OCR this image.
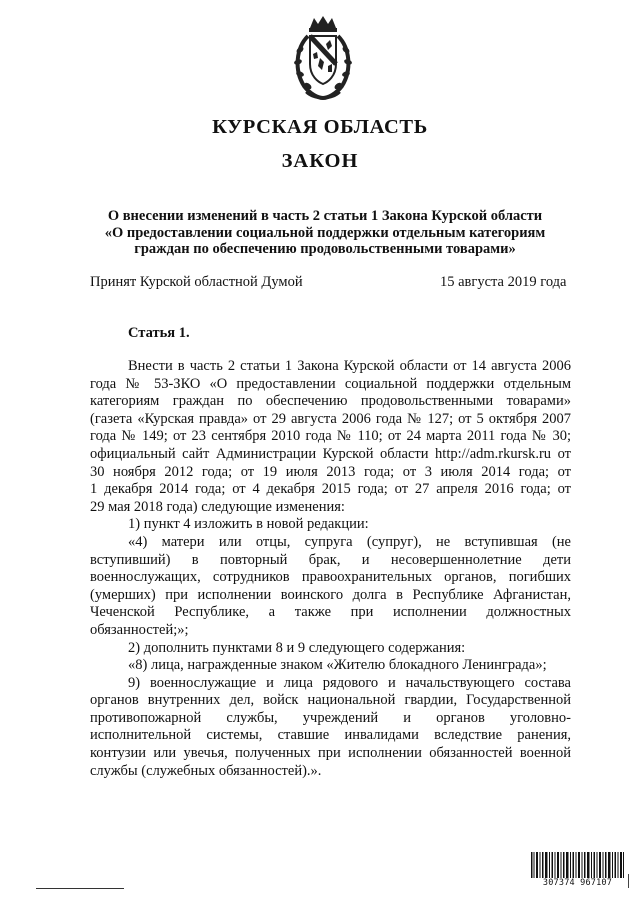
КУРСКАЯ ОБЛАСТЬ
ЗАКОН
О внесении изменений в часть 2 статьи 1 Закона Курской области
«О предоставлении социальной поддержки отдельным категориям
граждан по обеспечению продовольственными товарами»
Принят Курской областной Думой	15 августа 2019 года
Статья 1.
Внести в часть 2 статьи 1 Закона Курской области от 14 августа 2006
года № 53-ЗКО «О предоставлении социальной поддержки отдельным
категориям граждан по обеспечению продовольственными товарами»
(газета «Курская правда» от 29 августа 2006 года № 127; от 5 октября 2007
года № 149; от 23 сентября 2010 года № 110; от 24 марта 2011 года № 30;
официальный сайт Администрации Курской области http://adm.rkursk.ru от
30 ноября 2012 года; от 19 июля 2013 года; от 3 июля 2014 года; от
1 декабря 2014 года; от 4 декабря 2015 года; от 27 апреля 2016 года; от
29 мая 2018 года) следующие изменения:
1) пункт 4 изложить в новой редакции:
«4) матери или отцы, супруга (супруг), не вступившая (не
вступивший) в повторный брак, и несовершеннолетние дети
военнослужащих, сотрудников правоохранительных органов, погибших
(умерших) при исполнении воинского долга в Республике Афганистан,
Чеченской Республике, а также при исполнении должностных
обязанностей;»;
2) дополнить пунктами 8 и 9 следующего содержания:
«8) лица, награжденные знаком «Жителю блокадного Ленинграда»;
9) военнослужащие и лица рядового и начальствующего состава
органов внутренних дел, войск национальной гвардии, Государственной
противопожарной службы, учреждений и органов уголовно-
исполнительной системы, ставшие инвалидами вследствие ранения,
контузии или увечья, полученных при исполнении обязанностей военной
службы (служебных обязанностей).».
307374 967107
